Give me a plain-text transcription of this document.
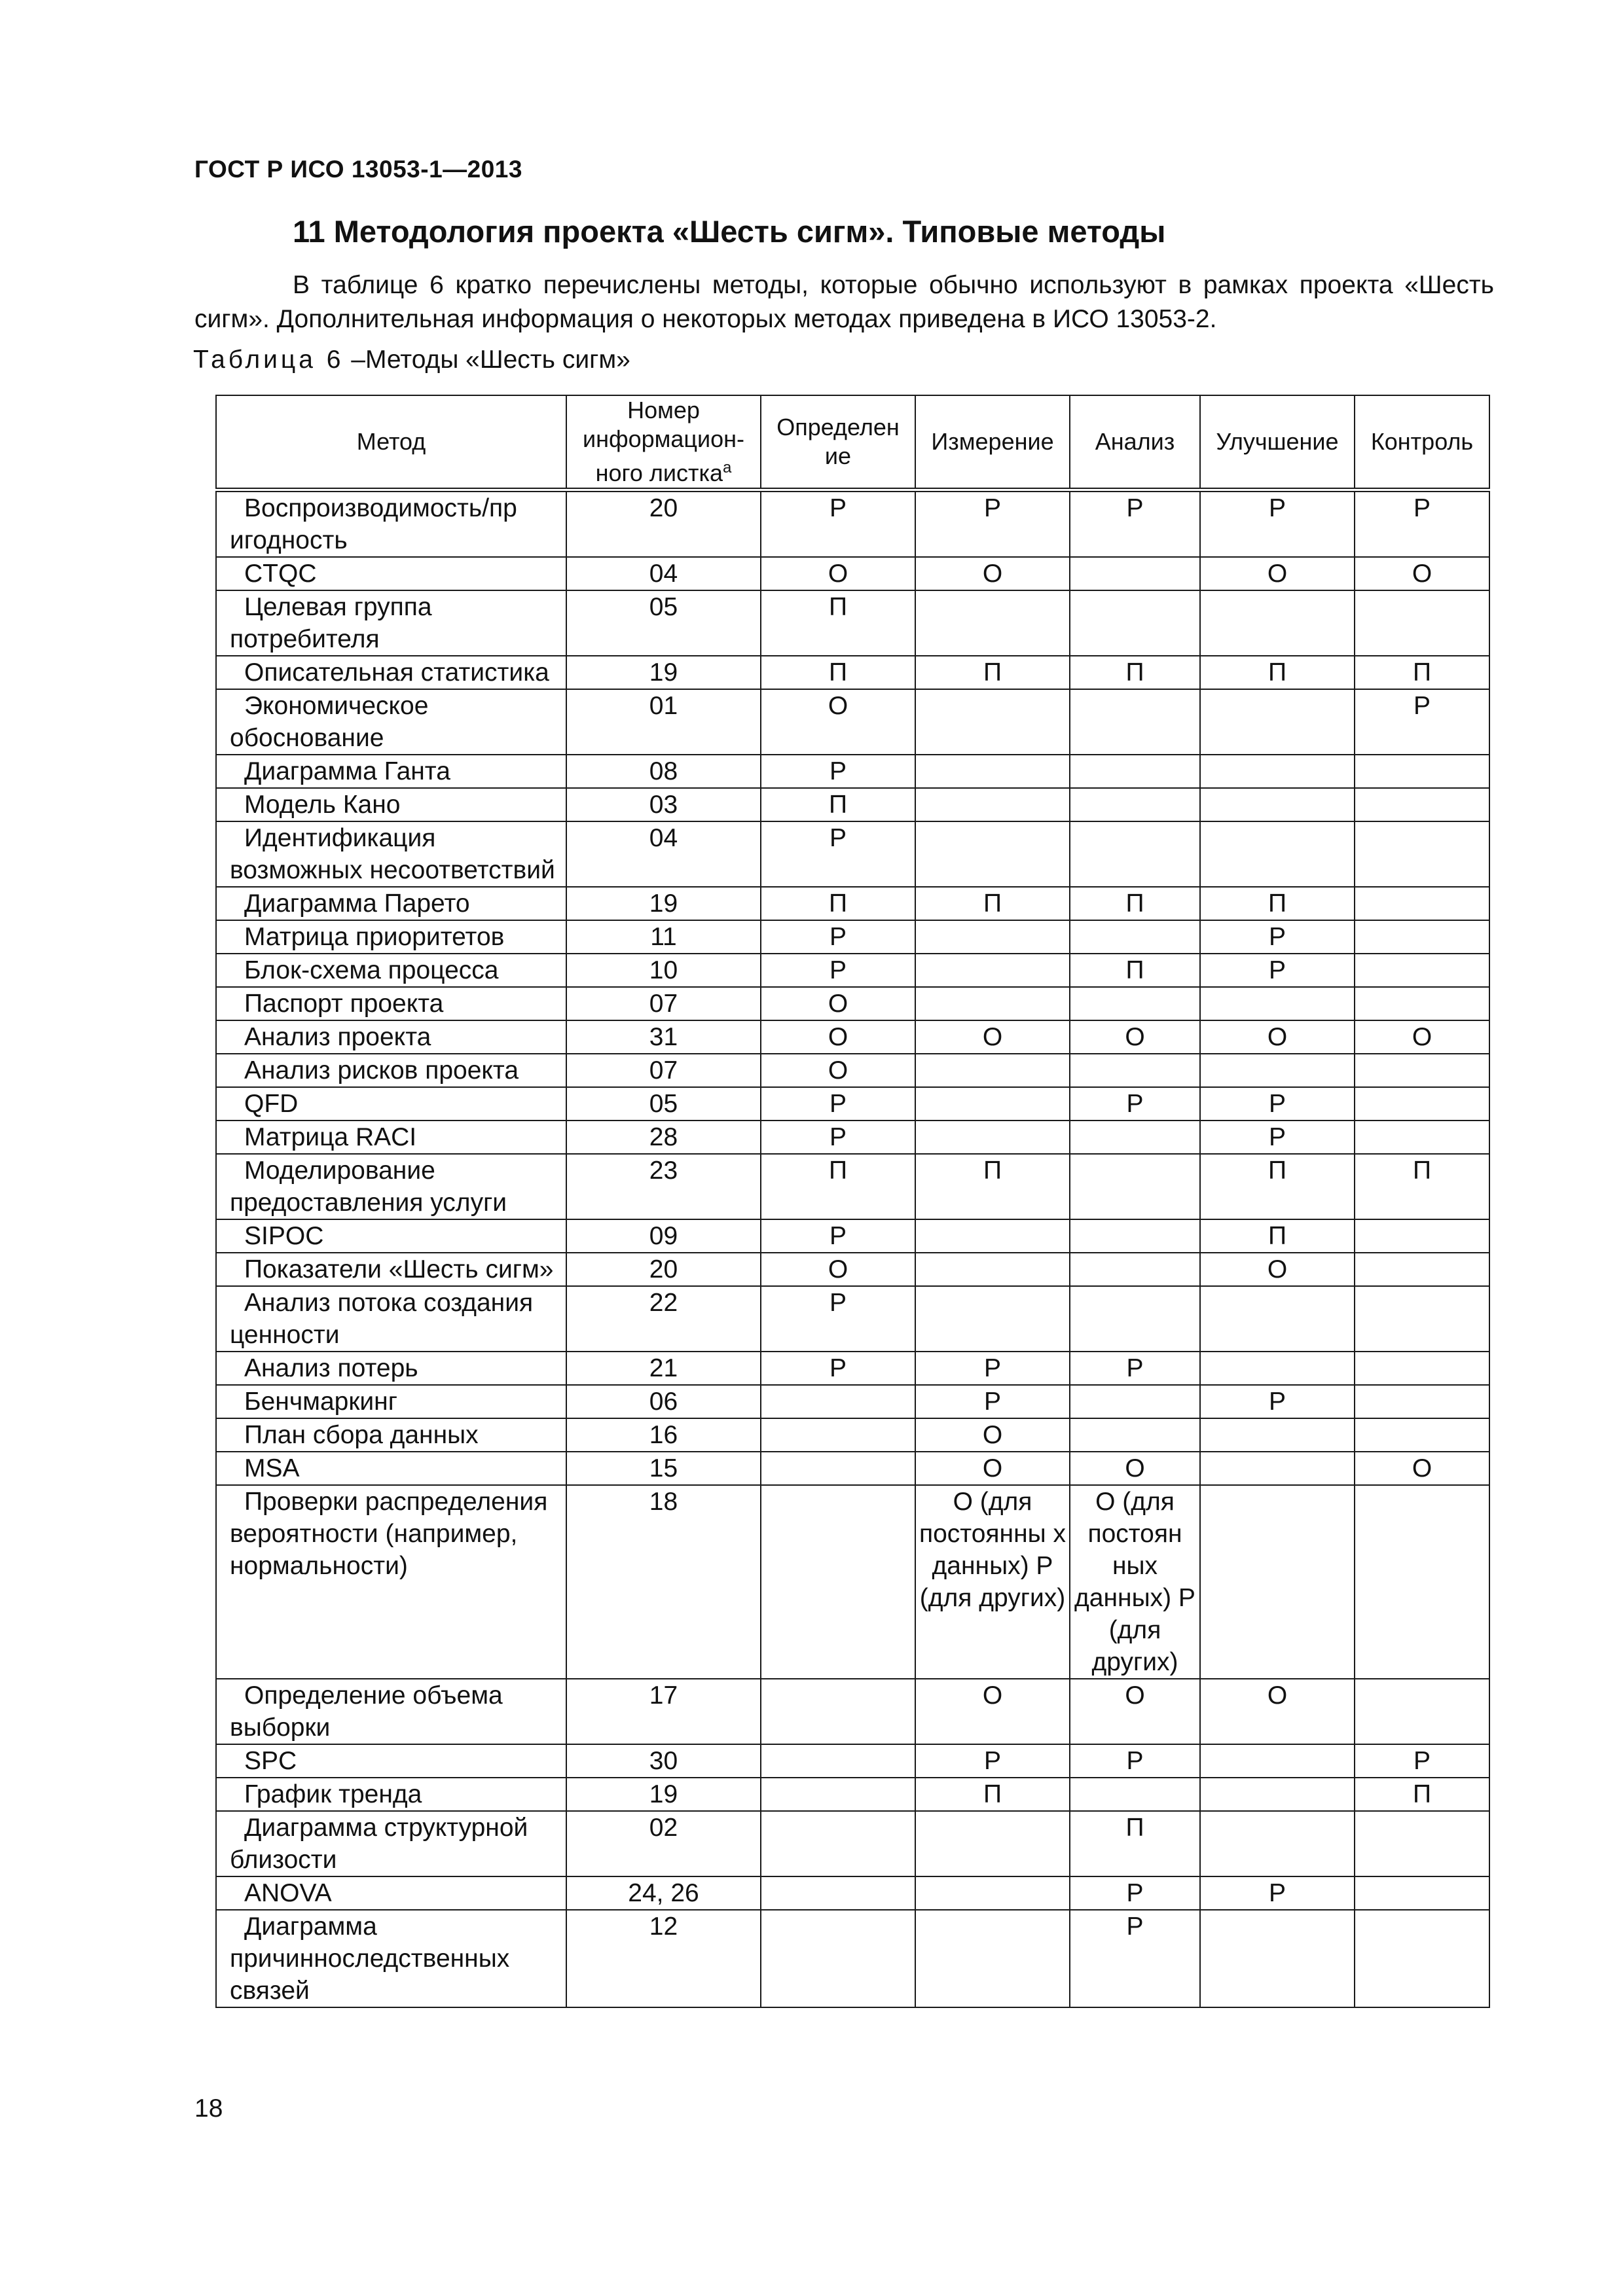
ГОСТ Р ИСО 13053-1—2013
11 Методология проекта «Шесть сигм». Типовые методы

В таблице 6 кратко перечислены методы, которые обычно используют в рамках проекта «Шесть сигм». Дополнительная информация о некоторых методах приведена в ИСО 13053-2.

Таблица 6 –Методы «Шесть сигм»
Метод	Номер информацион-ного листка$^а$	Определен ие	Измерение	Анализ	Улучшение	Контроль
Воспроизводимость/пр игодность	20	Р	Р	Р	Р	Р
CTQC	04	О	О		О	О
Целевая группа потребителя	05	П				
Описательная статистика	19	П	П	П	П	П
Экономическое обоснование	01	О				Р
Диаграмма Ганта	08	Р				
Модель Кано	03	П				
Идентификация возможных несоответствий	04	Р				
Диаграмма Парето	19	П	П	П	П	
Матрица приоритетов	11	Р			Р	
Блок-схема процесса	10	Р		П	Р	
Паспорт проекта	07	О				
Анализ проекта	31	О	О	О	О	О
Анализ рисков проекта	07	О				
QFD	05	Р		Р	Р	
Матрица RACI	28	Р			Р	
Моделирование предоставления услуги	23	П	П		П	П
SIPOC	09	Р			П	
Показатели «Шесть сигм»	20	О			О	
Анализ потока создания ценности	22	Р				
Анализ потерь	21	Р	Р	Р		
Бенчмаркинг	06		Р		Р	
План сбора данных	16		О			
MSA	15		О	О		О
Проверки распределения вероятности (например, нормальности)	18		О (для постоянны х данных) Р (для других)	О (для постоян ных данных) Р (для других)		
Определение объема выборки	17		О	О	О	
SPC	30		Р	Р		Р
График тренда	19		П			П
Диаграмма структурной близости	02			П		
ANOVA	24, 26			Р	Р	
Диаграмма причинноследственных связей	12			Р		
18
